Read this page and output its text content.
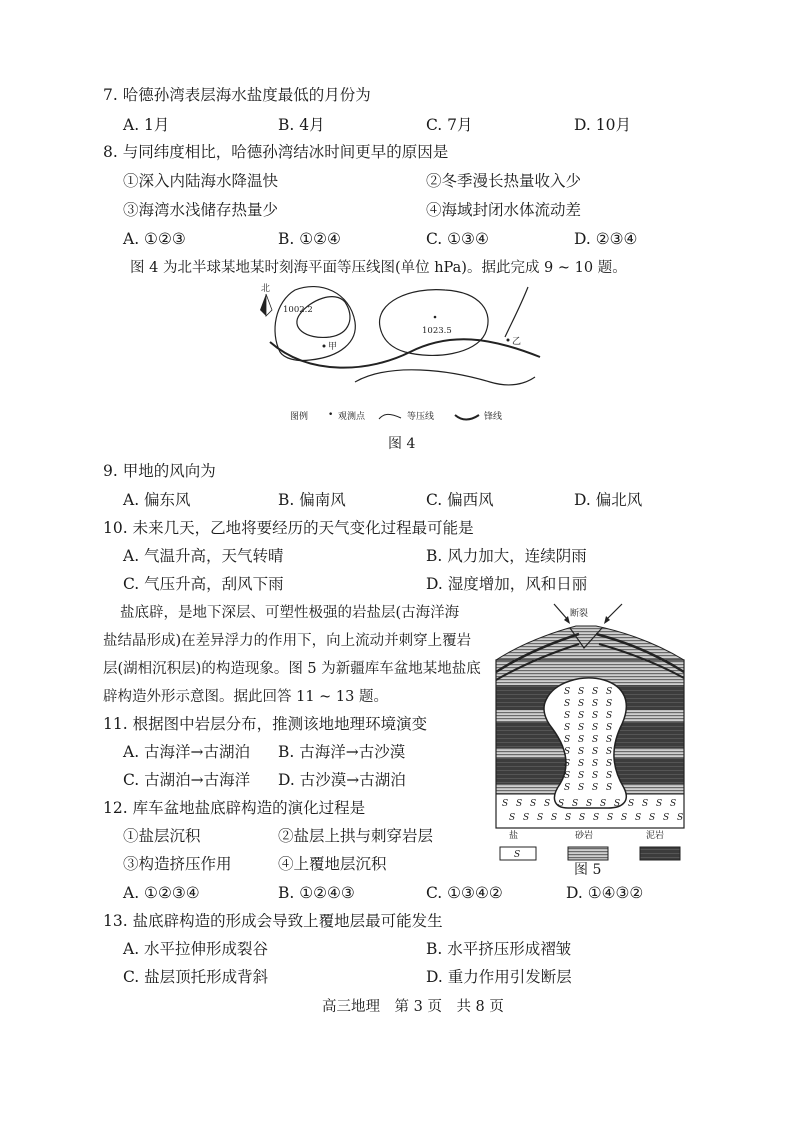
7. 哈德孙湾表层海水盐度最低的月份为
A. 1月	B. 4月	C. 7月	D. 10月
8. 与同纬度相比，哈德孙湾结冰时间更早的原因是
①深入内陆海水降温快	②冬季漫长热量收入少
③海湾水浅储存热量少	④海域封闭水体流动差
A. ①②③	B. ①②④	C. ①③④	D. ②③④
图 4 为北半球某地某时刻海平面等压线图(单位 hPa)。据此完成 9 ~ 10 题。
北
1002.2
1023.5
甲	乙
图例 • 观测点	等压线	锋线
图 4
9. 甲地的风向为
A. 偏东风	B. 偏南风	C. 偏西风	D. 偏北风
10. 未来几天，乙地将要经历的天气变化过程最可能是
A. 气温升高，天气转晴	B. 风力加大，连续阴雨
C. 气压升高，刮风下雨	D. 湿度增加，风和日丽
盐底辟，是地下深层、可塑性极强的岩盐层(古海洋海
盐结晶形成)在差异浮力的作用下，向上流动并刺穿上覆岩
层(湖相沉积层)的构造现象。图 5 为新疆库车盆地某地盐底
辟构造外形示意图。据此回答 11 ~ 13 题。
断裂
S
S
S
S
S
S
S
S
S
S
S
S
S
S
S
S
S
S
S
S
S
S
S
S
S
S
S
S
S
S
S
S
S
S
S
S
S
S
S
S
S
S
S
S
S
S
S
S
S
S
S
S
S
S
S
S
S
S
S
S
S
S
S
盐	砂岩	泥岩
图 5
11. 根据图中岩层分布，推测该地地理环境演变
A. 古海洋→古湖泊 B. 古海洋→古沙漠
C. 古湖泊→古海洋 D. 古沙漠→古湖泊
12. 库车盆地盐底辟构造的演化过程是
①盐层沉积	②盐层上拱与刺穿岩层
③构造挤压作用	④上覆地层沉积
A. ①②③④	B. ①②④③	C. ①③④②	D. ①④③②
13. 盐底辟构造的形成会导致上覆地层最可能发生
A. 水平拉伸形成裂谷	B. 水平挤压形成褶皱
C. 盐层顶托形成背斜	D. 重力作用引发断层
高三地理　第 3 页　共 8 页
